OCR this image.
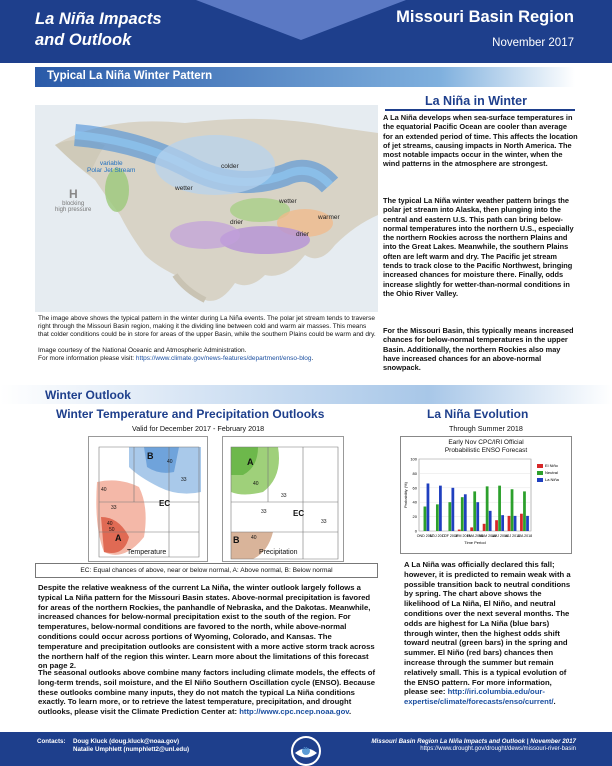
La Niña Impacts
and Outlook
Missouri Basin Region
November 2017
Typical La Niña Winter Pattern
variable
Polar Jet Stream
colder
wetter
wetter
warmer
drier
drier
H
blocking
high pressure
The image above shows the typical pattern in the winter during La Niña events. The polar jet stream tends to traverse right through the Missouri Basin region, making it the dividing line between cold and warm air masses. This means that colder conditions could be in store for areas of the upper Basin, while the southern Plains could be warm and dry.
Image courtesy of the National Oceanic and Atmospheric Administration.
For more information please visit: https://www.climate.gov/news-features/department/enso-blog.
La Niña in Winter
A La Niña develops when sea-surface temperatures in the equatorial Pacific Ocean are cooler than average for an extended period of time. This affects the location of jet streams, causing impacts in North America. The most notable impacts occur in the winter, when the wind patterns in the atmosphere are strongest.
The typical La Niña winter weather pattern brings the polar jet stream into Alaska, then plunging into the central and eastern U.S. This path can bring below-normal temperatures into the northern U.S., especially the northern Rockies across the northern Plains and into the Great Lakes. Meanwhile, the southern Plains often are left warm and dry. The Pacific jet stream tends to track close to the Pacific Northwest, bringing increased chances for moisture there. Finally, odds increase slightly for wetter-than-normal conditions in the Ohio River Valley.
For the Missouri Basin, this typically means increased chances for below-normal temperatures in the upper Basin. Additionally, the northern Rockies also may have increased chances for an above-normal snowpack.
Winter Outlook
Winter Temperature and Precipitation Outlooks
Valid for December 2017 - February 2018
B
EC
A
40
33
40
33
40
50
Temperature
A
B
EC
40
33
33
33
40
Precipitation
EC: Equal chances of above, near or below normal, A: Above normal, B: Below normal
La Niña Evolution
Through Summer 2018
Early Nov CPC/IRI Official
Probabilistic ENSO Forecast
0
20
40
60
80
100
OND 2017
NDJ 2017
DJF 2018
JFM 2018
FMA 2018
MAM 2018
AMJ 2018
MJJ 2018
JJA 2018
Probability (%)
Time Period
El Niño
Neutral
La Niña
Despite the relative weakness of the current La Niña, the winter outlook largely follows a typical La Niña pattern for the Missouri Basin states. Above-normal precipitation is favored for areas of the northern Rockies, the panhandle of Nebraska, and the Dakotas. Meanwhile, increased chances for below-normal precipitation exist to the south of the region. For temperatures, below-normal conditions are favored to the north, while above-normal conditions could occur across portions of Wyoming, Colorado, and Kansas. The temperature and precipitation outlooks are consistent with a more active storm track across the northern half of the region this winter. Learn more about the limitations of this forecast on page 2.
The seasonal outlooks above combine many factors including climate models, the effects of long-term trends, soil moisture, and the El Niño Southern Oscillation cycle (ENSO). Because these outlooks combine many inputs, they do not match the typical La Niña conditions exactly. To learn more, or to retrieve the latest temperature, precipitation, and drought outlooks, please visit the Climate Prediction Center at: http://www.cpc.ncep.noaa.gov.
A La Niña was officially declared this fall; however, it is predicted to remain weak with a possible transition back to neutral conditions by spring. The chart above shows the likelihood of La Niña, El Niño, and neutral conditions over the next several months. The odds are highest for La Niña (blue bars) through winter, then the highest odds shift toward neutral (green bars) in the spring and summer. El Niño (red bars) chances then increase through the summer but remain relatively small. This is a typical evolution of the ENSO pattern. For more information, please see: http://iri.columbia.edu/our-expertise/climate/forecasts/enso/current/.
Contacts: Doug Kluck (doug.kluck@noaa.gov)
Natalie Umphlett (numphlett2@unl.edu)
Missouri Basin Region La Niña Impacts and Outlook | November 2017
https://www.drought.gov/drought/dews/missouri-river-basin
NOAA
